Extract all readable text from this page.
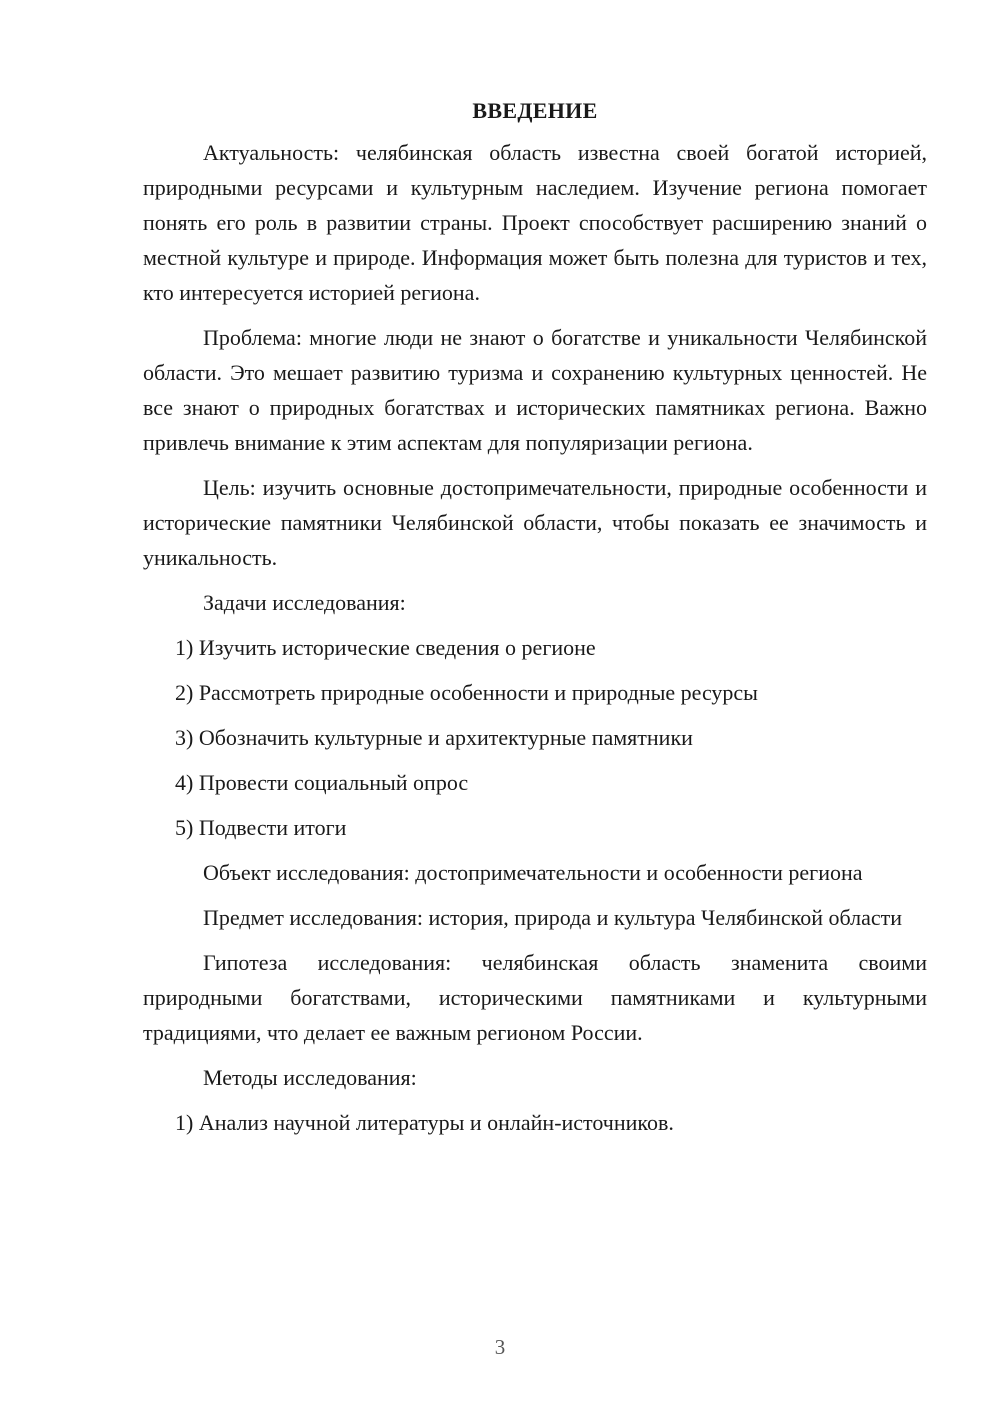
ВВЕДЕНИЕ

Актуальность: челябинская область известна своей богатой историей, природными ресурсами и культурным наследием. Изучение региона помогает понять его роль в развитии страны. Проект способствует расширению знаний о местной культуре и природе. Информация может быть полезна для туристов и тех, кто интересуется историей региона.

Проблема: многие люди не знают о богатстве и уникальности Челябинской области. Это мешает развитию туризма и сохранению культурных ценностей. Не все знают о природных богатствах и исторических памятниках региона. Важно привлечь внимание к этим аспектам для популяризации региона.

Цель: изучить основные достопримечательности, природные особенности и исторические памятники Челябинской области, чтобы показать ее значимость и уникальность.

Задачи исследования:

1) Изучить исторические сведения о регионе
2) Рассмотреть природные особенности и природные ресурсы
3) Обозначить культурные и архитектурные памятники
4) Провести социальный опрос
5) Подвести итоги

Объект исследования: достопримечательности и особенности региона

Предмет исследования: история, природа и культура Челябинской области

Гипотеза исследования: челябинская область знаменита своими природными богатствами, историческими памятниками и культурными традициями, что делает ее важным регионом России.

Методы исследования:

1) Анализ научной литературы и онлайн-источников.
3
